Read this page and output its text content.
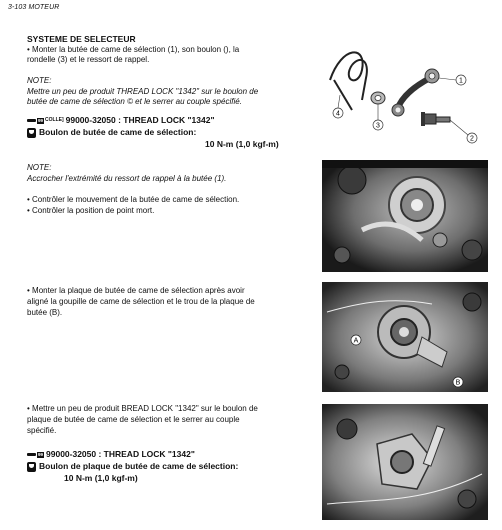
3-103 MOTEUR
SYSTEME DE SELECTEUR
• Monter la butée de came de sélection (1), son boulon (), la
rondelle (3) et le ressort de rappel.
NOTE:
Mettre un peu de produit THREAD LOCK "1342" sur le boulon de
butée de came de sélection © et le serrer au couple spécifié.
99 COLLE] 99000-32050 : THREAD LOCK "1342"
Boulon de butée de came de sélection:
10 N-m (1,0 kgf-m)
1
2
3
4
NOTE:
Accrocher l'extrémité du ressort de rappel à la butée (1).
• Contrôler le mouvement de la butée de came de sélection.
• Contrôler la position de point mort.
• Monter la plaque de butée de came de sélection après avoir
aligné la goupille de came de sélection et le trou de la plaque de
butée (B).
A
B
• Mettre un peu de produit BREAD LOCK "1342" sur le boulon de
plaque de butée de came de sélection et le serrer au couple
spécifié.
99 99000-32050 : THREAD LOCK "1342"
Boulon de plaque de butée de came de sélection:
10 N-m (1,0 kgf-m)
